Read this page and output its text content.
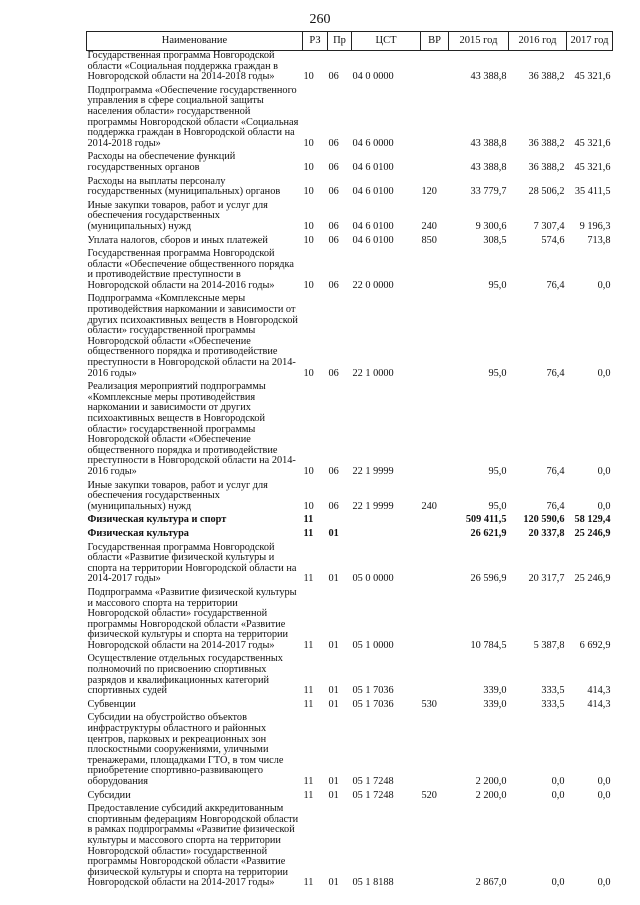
260
Наименование	РЗ	Пр	ЦСТ	ВР	2015 год	2016 год	2017 год
Государственная программа Новгородской области «Социальная поддержка граждан в Новгородской области на 2014-2018 годы»	10	06	04 0 0000		43 388,8	36 388,2	45 321,6
Подпрограмма «Обеспечение государственного управления в сфере социальной защиты населения области» государственной программы Новгородской области «Социальная поддержка граждан в Новгородской области на 2014-2018 годы»	10	06	04 6 0000		43 388,8	36 388,2	45 321,6
Расходы на обеспечение функций государственных органов	10	06	04 6 0100		43 388,8	36 388,2	45 321,6
Расходы на выплаты персоналу государственных (муниципальных) органов	10	06	04 6 0100	120	33 779,7	28 506,2	35 411,5
Иные закупки товаров, работ и услуг для обеспечения государственных (муниципальных) нужд	10	06	04 6 0100	240	9 300,6	7 307,4	9 196,3
Уплата налогов, сборов и иных платежей	10	06	04 6 0100	850	308,5	574,6	713,8
Государственная программа Новгородской области «Обеспечение общественного порядка и противодействие преступности в Новгородской области на 2014-2016 годы»	10	06	22 0 0000		95,0	76,4	0,0
Подпрограмма «Комплексные меры противодействия наркомании и зависимости от других психоактивных веществ в Новгородской области» государственной программы Новгородской области «Обеспечение общественного порядка и противодействие преступности в Новгородской области на 2014-2016 годы»	10	06	22 1 0000		95,0	76,4	0,0
Реализация мероприятий подпрограммы «Комплексные меры противодействия наркомании и зависимости от других психоактивных веществ в Новгородской области» государственной программы Новгородской области «Обеспечение общественного порядка и противодействие преступности в Новгородской области на 2014-2016 годы»	10	06	22 1 9999		95,0	76,4	0,0
Иные закупки товаров, работ и услуг для обеспечения государственных (муниципальных) нужд	10	06	22 1 9999	240	95,0	76,4	0,0
Физическая культура и спорт	11				509 411,5	120 590,6	58 129,4
Физическая культура	11	01			26 621,9	20 337,8	25 246,9
Государственная программа Новгородской области «Развитие физической культуры и спорта на территории Новгородской области на 2014-2017 годы»	11	01	05 0 0000		26 596,9	20 317,7	25 246,9
Подпрограмма «Развитие физической культуры и массового спорта на территории Новгородской области» государственной программы Новгородской области «Развитие физической культуры и спорта на территории Новгородской области на 2014-2017 годы»	11	01	05 1 0000		10 784,5	5 387,8	6 692,9
Осуществление отдельных государственных полномочий по присвоению спортивных разрядов и квалификационных категорий спортивных судей	11	01	05 1 7036		339,0	333,5	414,3
Субвенции	11	01	05 1 7036	530	339,0	333,5	414,3
Субсидии на обустройство объектов инфраструктуры областного и районных центров, парковых и рекреационных зон плоскостными сооружениями, уличными тренажерами, площадками ГТО, в том числе приобретение спортивно-развивающего оборудования	11	01	05 1 7248		2 200,0	0,0	0,0
Субсидии	11	01	05 1 7248	520	2 200,0	0,0	0,0
Предоставление субсидий аккредитованным спортивным федерациям Новгородской области в рамках подпрограммы «Развитие физической культуры и массового спорта на территории Новгородской области» государственной программы Новгородской области «Развитие физической культуры и спорта на территории Новгородской области на 2014-2017 годы»	11	01	05 1 8188		2 867,0	0,0	0,0
